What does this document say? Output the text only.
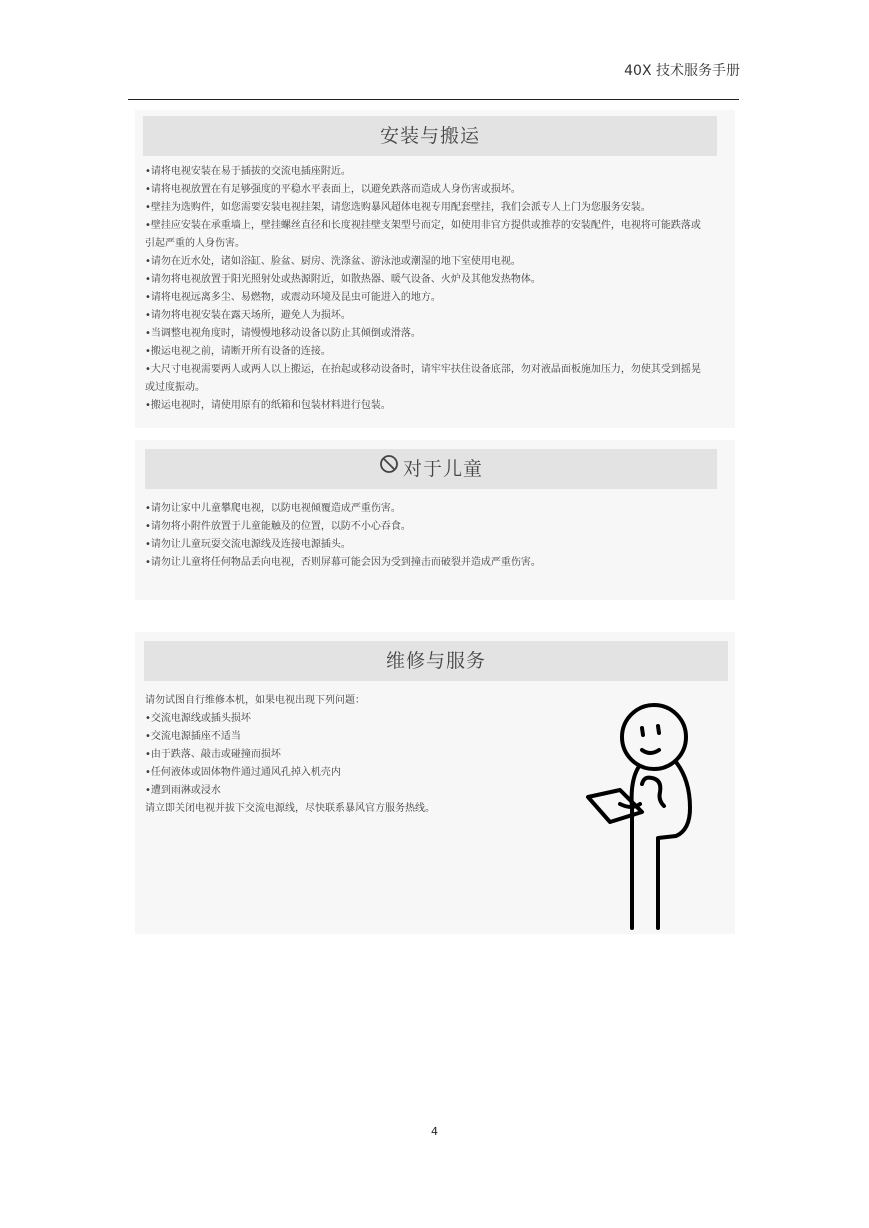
40X 技术服务手册
安装与搬运
•请将电视安装在易于插拔的交流电插座附近。
•请将电视放置在有足够强度的平稳水平表面上，以避免跌落而造成人身伤害或损坏。
•壁挂为选购件，如您需要安装电视挂架，请您选购暴风超体电视专用配套壁挂，我们会派专人上门为您服务安装。
•壁挂应安装在承重墙上，壁挂螺丝直径和长度视挂壁支架型号而定，如使用非官方提供或推荐的安装配件，电视将可能跌落或引起严重的人身伤害。
•请勿在近水处，诸如浴缸、脸盆、厨房、洗涤盆、游泳池或潮湿的地下室使用电视。
•请勿将电视放置于阳光照射处或热源附近，如散热器、暖气设备、火炉及其他发热物体。
•请将电视远离多尘、易燃物，或震动环境及昆虫可能进入的地方。
•请勿将电视安装在露天场所，避免人为损坏。
•当调整电视角度时，请慢慢地移动设备以防止其倾倒或滑落。
•搬运电视之前，请断开所有设备的连接。
•大尺寸电视需要两人或两人以上搬运，在抬起或移动设备时，请牢牢扶住设备底部，勿对液晶面板施加压力，勿使其受到摇晃或过度振动。
•搬运电视时，请使用原有的纸箱和包装材料进行包装。
对于儿童
•请勿让家中儿童攀爬电视，以防电视倾覆造成严重伤害。
•请勿将小附件放置于儿童能触及的位置，以防不小心吞食。
•请勿让儿童玩耍交流电源线及连接电源插头。
•请勿让儿童将任何物品丢向电视，否则屏幕可能会因为受到撞击而破裂并造成严重伤害。
维修与服务
请勿试图自行维修本机，如果电视出现下列问题：
•交流电源线或插头损坏
•交流电源插座不适当
•由于跌落、敲击或碰撞而损坏
•任何液体或固体物件通过通风孔掉入机壳内
•遭到雨淋或浸水
请立即关闭电视并拔下交流电源线，尽快联系暴风官方服务热线。
4
